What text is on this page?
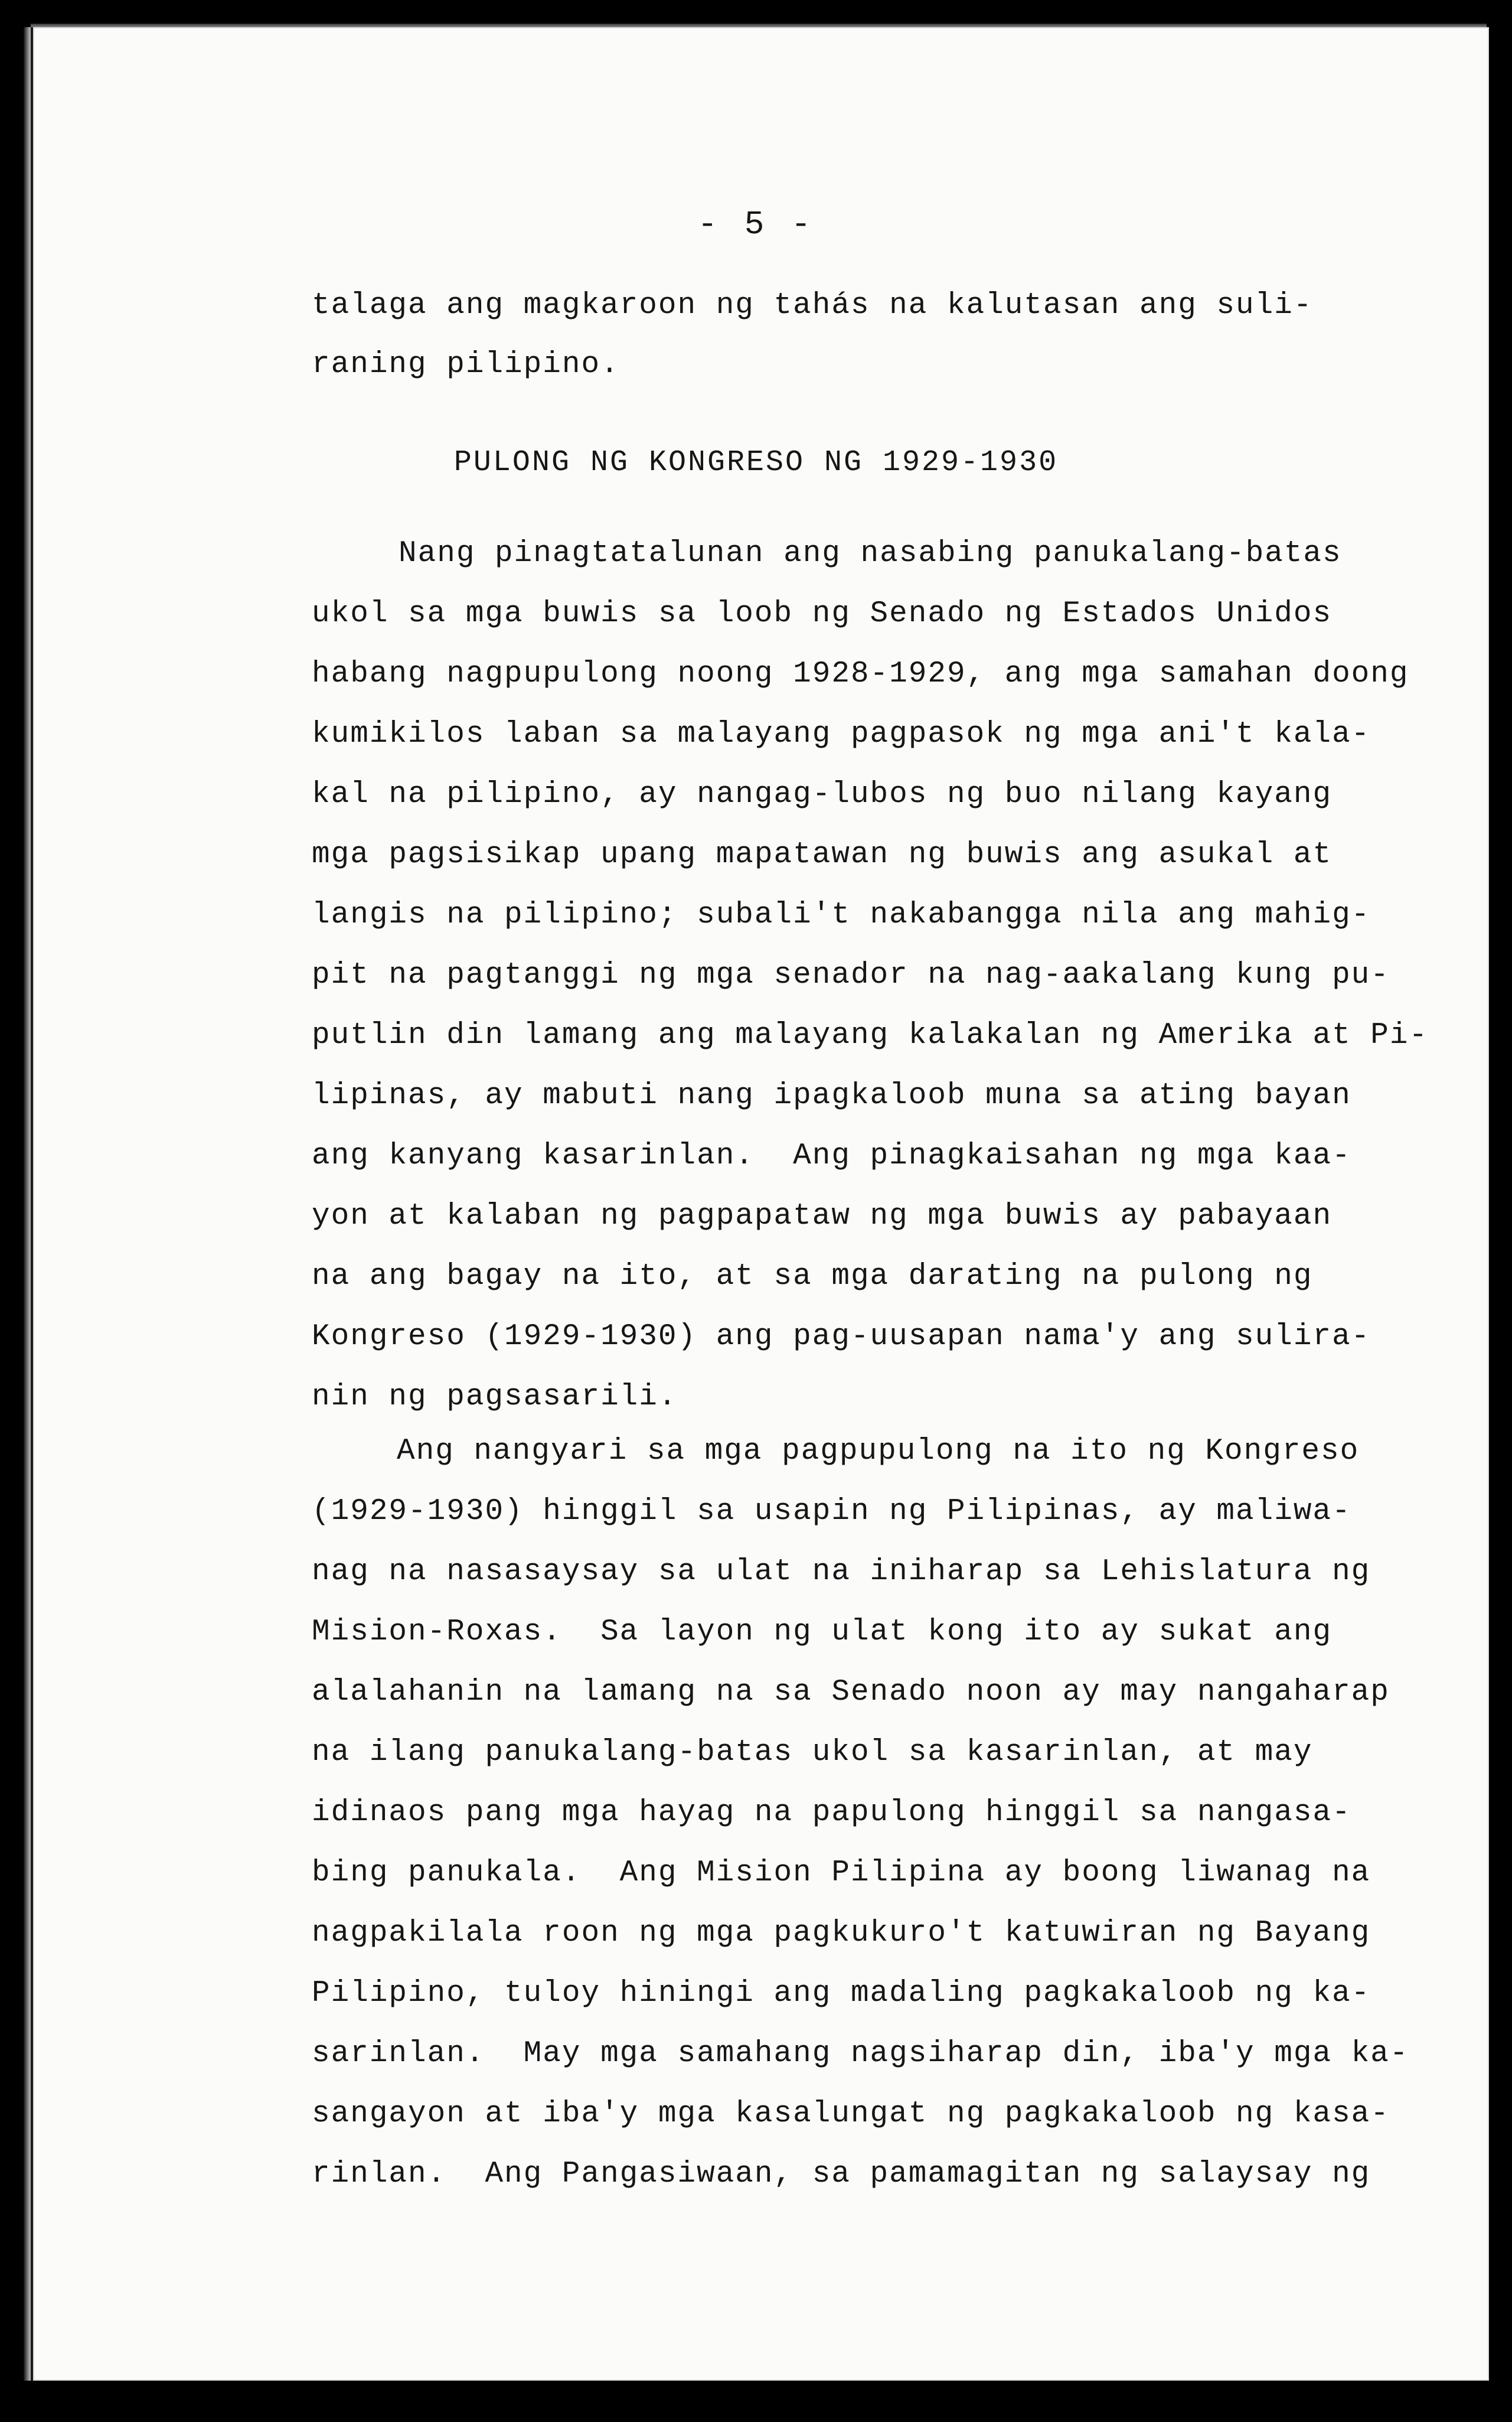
- 5 -
talaga ang magkaroon ng tahás na kalutasan ang suli-
raning pilipino.
PULONG NG KONGRESO NG 1929-1930
Nang pinagtatalunan ang nasabing panukalang-batas
ukol sa mga buwis sa loob ng Senado ng Estados Unidos
habang nagpupulong noong 1928-1929, ang mga samahan doong
kumikilos laban sa malayang pagpasok ng mga ani't kala-
kal na pilipino, ay nangag-lubos ng buo nilang kayang
mga pagsisikap upang mapatawan ng buwis ang asukal at
langis na pilipino; subali't nakabangga nila ang mahig-
pit na pagtanggi ng mga senador na nag-aakalang kung pu-
putlin din lamang ang malayang kalakalan ng Amerika at Pi-
lipinas, ay mabuti nang ipagkaloob muna sa ating bayan
ang kanyang kasarinlan.  Ang pinagkaisahan ng mga kaa-
yon at kalaban ng pagpapataw ng mga buwis ay pabayaan
na ang bagay na ito, at sa mga darating na pulong ng
Kongreso (1929-1930) ang pag-uusapan nama'y ang sulira-
nin ng pagsasarili.
Ang nangyari sa mga pagpupulong na ito ng Kongreso
(1929-1930) hinggil sa usapin ng Pilipinas, ay maliwa-
nag na nasasaysay sa ulat na iniharap sa Lehislatura ng
Mision-Roxas.  Sa layon ng ulat kong ito ay sukat ang
alalahanin na lamang na sa Senado noon ay may nangaharap
na ilang panukalang-batas ukol sa kasarinlan, at may
idinaos pang mga hayag na papulong hinggil sa nangasa-
bing panukala.  Ang Mision Pilipina ay boong liwanag na
nagpakilala roon ng mga pagkukuro't katuwiran ng Bayang
Pilipino, tuloy hiningi ang madaling pagkakaloob ng ka-
sarinlan.  May mga samahang nagsiharap din, iba'y mga ka-
sangayon at iba'y mga kasalungat ng pagkakaloob ng kasa-
rinlan.  Ang Pangasiwaan, sa pamamagitan ng salaysay ng
